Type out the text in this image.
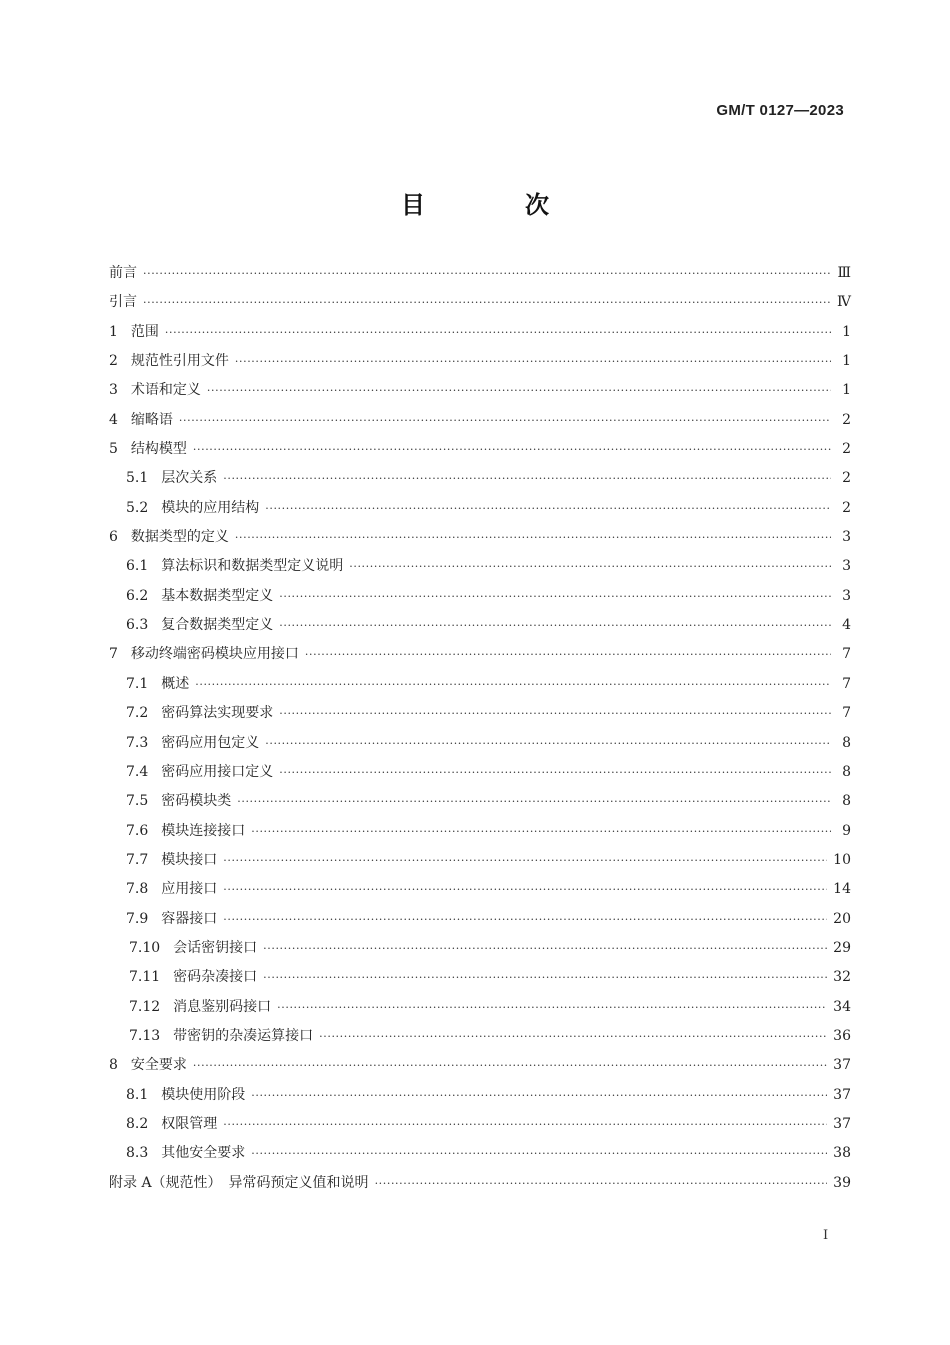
GM/T 0127—2023
目　次
前言 ·····	Ⅲ
引言 ·····	Ⅳ
1 范围 ·····	1
2 规范性引用文件 ·····	1
3 术语和定义 ·····	1
4 缩略语 ·····	2
5 结构模型 ·····	2
5.1 层次关系 ·····	2
5.2 模块的应用结构 ·····	2
6 数据类型的定义 ·····	3
6.1 算法标识和数据类型定义说明 ·····	3
6.2 基本数据类型定义 ·····	3
6.3 复合数据类型定义 ·····	4
7 移动终端密码模块应用接口 ·····	7
7.1 概述 ·····	7
7.2 密码算法实现要求 ·····	7
7.3 密码应用包定义 ·····	8
7.4 密码应用接口定义 ·····	8
7.5 密码模块类 ·····	8
7.6 模块连接接口 ·····	9
7.7 模块接口 ·····	10
7.8 应用接口 ·····	14
7.9 容器接口 ·····	20
7.10 会话密钥接口 ·····	29
7.11 密码杂凑接口 ·····	32
7.12 消息鉴别码接口 ·····	34
7.13 带密钥的杂凑运算接口 ·····	36
8 安全要求 ·····	37
8.1 模块使用阶段 ·····	37
8.2 权限管理 ·····	37
8.3 其他安全要求 ·····	38
附录 A（规范性）　异常码预定义值和说明 ·····	39
I
